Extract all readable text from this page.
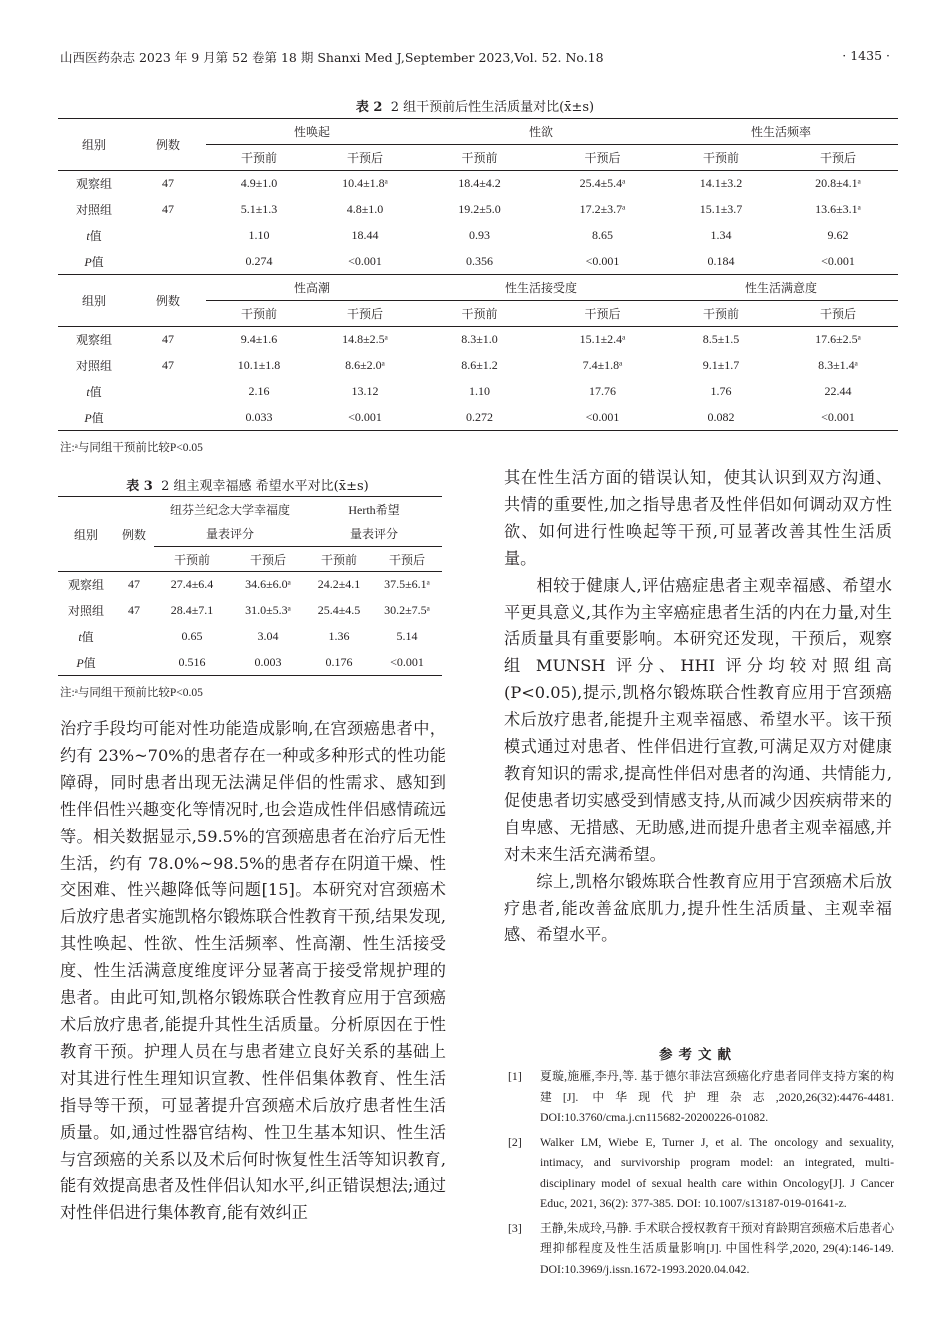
山西医药杂志 2023 年 9 月第 52 卷第 18 期 Shanxi Med J,September 2023,Vol. 52. No.18	· 1435 ·
表 2 2 组干预前后性生活质量对比(x̄±s)
组别	例数	性唤起		性欲		性生活频率	
		干预前	干预后	干预前	干预后	干预前	干预后
观察组	47	4.9±1.0	10.4±1.8ᵃ	18.4±4.2	25.4±5.4ᵃ	14.1±3.2	20.8±4.1ᵃ
对照组	47	5.1±1.3	4.8±1.0	19.2±5.0	17.2±3.7ᵃ	15.1±3.7	13.6±3.1ᵃ
t值		1.10	18.44	0.93	8.65	1.34	9.62
P值		0.274	<0.001	0.356	<0.001	0.184	<0.001
组别	例数	性高潮		性生活接受度		性生活满意度	
		干预前	干预后	干预前	干预后	干预前	干预后
观察组	47	9.4±1.6	14.8±2.5ᵃ	8.3±1.0	15.1±2.4ᵃ	8.5±1.5	17.6±2.5ᵃ
对照组	47	10.1±1.8	8.6±2.0ᵃ	8.6±1.2	7.4±1.8ᵃ	9.1±1.7	8.3±1.4ᵃ
t值		2.16	13.12	1.10	17.76	1.76	22.44
P值		0.033	<0.001	0.272	<0.001	0.082	<0.001
注:ᵃ与同组干预前比较P<0.05
表 3 2 组主观幸福感 希望水平对比(x̄±s)
组别	例数	纽芬兰纪念大学幸福度		Herth希望	
		量表评分		量表评分	
		干预前	干预后	干预前	干预后
观察组	47	27.4±6.4	34.6±6.0ᵃ	24.2±4.1	37.5±6.1ᵃ
对照组	47	28.4±7.1	31.0±5.3ᵃ	25.4±4.5	30.2±7.5ᵃ
t值		0.65	3.04	1.36	5.14
P值		0.516	0.003	0.176	<0.001
注:ᵃ与同组干预前比较P<0.05

治疗手段均可能对性功能造成影响,在宫颈癌患者中，约有 23%~70%的患者存在一种或多种形式的性功能障碍，同时患者出现无法满足伴侣的性需求、感知到性伴侣性兴趣变化等情况时,也会造成性伴侣感情疏远等。相关数据显示,59.5%的宫颈癌患者在治疗后无性生活，约有 78.0%~98.5%的患者存在阴道干燥、性交困难、性兴趣降低等问题[15]。本研究对宫颈癌术后放疗患者实施凯格尔锻炼联合性教育干预,结果发现,其性唤起、性欲、性生活频率、性高潮、性生活接受度、性生活满意度维度评分显著高于接受常规护理的患者。由此可知,凯格尔锻炼联合性教育应用于宫颈癌术后放疗患者,能提升其性生活质量。分析原因在于性教育干预。护理人员在与患者建立良好关系的基础上对其进行性生理知识宣教、性伴侣集体教育、性生活指导等干预，可显著提升宫颈癌术后放疗患者性生活质量。如,通过性器官结构、性卫生基本知识、性生活与宫颈癌的关系以及术后何时恢复性生活等知识教育,能有效提高患者及性伴侣认知水平,纠正错误想法;通过对性伴侣进行集体教育,能有效纠正

其在性生活方面的错误认知，使其认识到双方沟通、共情的重要性,加之指导患者及性伴侣如何调动双方性欲、如何进行性唤起等干预,可显著改善其性生活质量。

相较于健康人,评估癌症患者主观幸福感、希望水平更具意义,其作为主宰癌症患者生活的内在力量,对生活质量具有重要影响。本研究还发现，干预后，观察组 MUNSH 评分、HHI 评分均较对照组高(P<0.05),提示,凯格尔锻炼联合性教育应用于宫颈癌术后放疗患者,能提升主观幸福感、希望水平。该干预模式通过对患者、性伴侣进行宣教,可满足双方对健康教育知识的需求,提高性伴侣对患者的沟通、共情能力,促使患者切实感受到情感支持,从而减少因疾病带来的自卑感、无措感、无助感,进而提升患者主观幸福感,并对未来生活充满希望。

综上,凯格尔锻炼联合性教育应用于宫颈癌术后放疗患者,能改善盆底肌力,提升性生活质量、主观幸福感、希望水平。

参考文献
[1] 夏璇,施雁,李丹,等. 基于德尔菲法宫颈癌化疗患者同伴支持方案的构建[J]. 中华现代护理杂志,2020,26(32):4476-4481. DOI:10.3760/cma.j.cn115682-20200226-01082.
[2] Walker LM, Wiebe E, Turner J, et al. The oncology and sexuality, intimacy, and survivorship program model: an integrated, multi-disciplinary model of sexual health care within Oncology[J]. J Cancer Educ, 2021, 36(2): 377-385. DOI: 10.1007/s13187-019-01641-z.
[3] 王静,朱成玲,马静. 手术联合授权教育干预对育龄期宫颈癌术后患者心理抑郁程度及性生活质量影响[J]. 中国性科学,2020, 29(4):146-149. DOI:10.3969/j.issn.1672-1993.2020.04.042.
